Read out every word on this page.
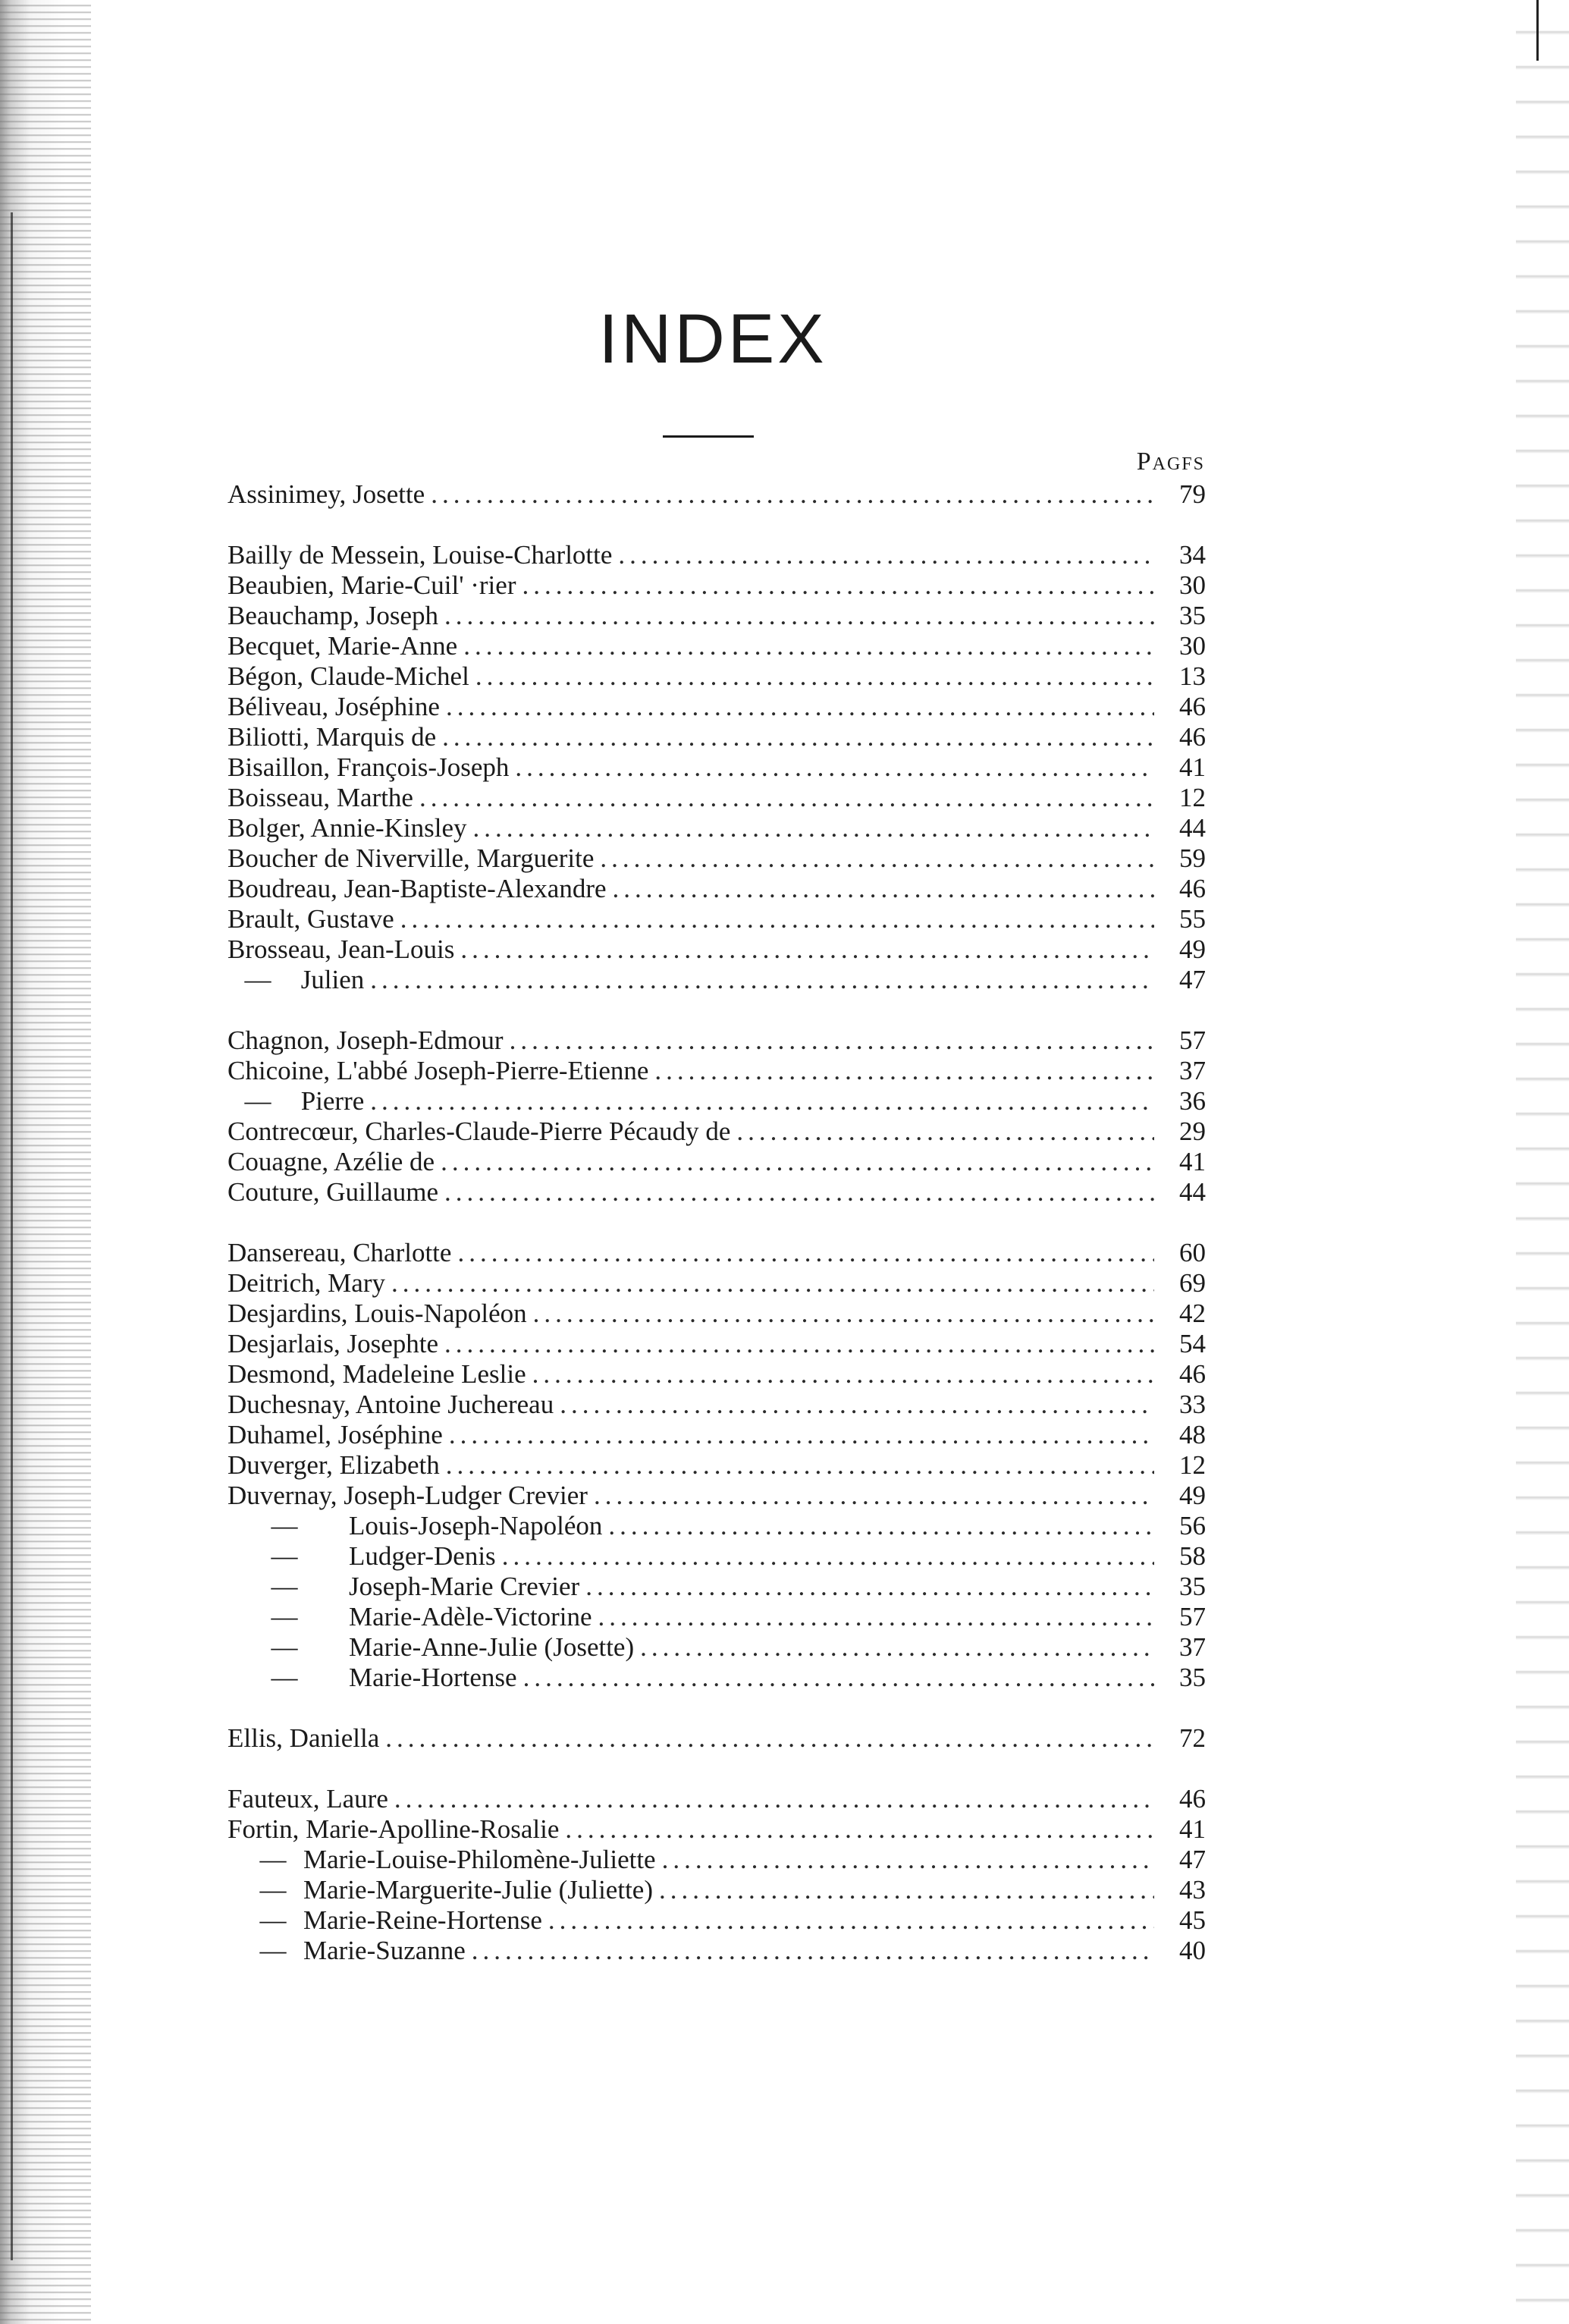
INDEX
Pagfs
Assinimey, Josette .....	79
Bailly de Messein, Louise-Charlotte .....	34
Beaubien, Marie-Cuil' ·rier .....	30
Beauchamp, Joseph .....	35
Becquet, Marie-Anne .....	30
Bégon, Claude-Michel .....	13
Béliveau, Joséphine .....	46
Biliotti, Marquis de .....	46
Bisaillon, François-Joseph .....	41
Boisseau, Marthe .....	12
Bolger, Annie-Kinsley .....	44
Boucher de Niverville, Marguerite .....	59
Boudreau, Jean-Baptiste-Alexandre .....	46
Brault, Gustave .....	55
Brosseau, Jean-Louis .....	49
—	Julien .....	47
Chagnon, Joseph-Edmour .....	57
Chicoine, L'abbé Joseph-Pierre-Etienne .....	37
—	Pierre .....	36
Contrecœur, Charles-Claude-Pierre Pécaudy de .....	29
Couagne, Azélie de .....	41
Couture, Guillaume .....	44
Dansereau, Charlotte .....	60
Deitrich, Mary .....	69
Desjardins, Louis-Napoléon .....	42
Desjarlais, Josephte .....	54
Desmond, Madeleine Leslie .....	46
Duchesnay, Antoine Juchereau .....	33
Duhamel, Joséphine .....	48
Duverger, Elizabeth .....	12
Duvernay, Joseph-Ludger Crevier .....	49
—	Louis-Joseph-Napoléon .....	56
—	Ludger-Denis .....	58
—	Joseph-Marie Crevier .....	35
—	Marie-Adèle-Victorine .....	57
—	Marie-Anne-Julie (Josette) .....	37
—	Marie-Hortense .....	35
Ellis, Daniella .....	72
Fauteux, Laure .....	46
Fortin, Marie-Apolline-Rosalie .....	41
— Marie-Louise-Philomène-Juliette .....	47
— Marie-Marguerite-Julie (Juliette) .....	43
— Marie-Reine-Hortense .....	45
— Marie-Suzanne .....	40
